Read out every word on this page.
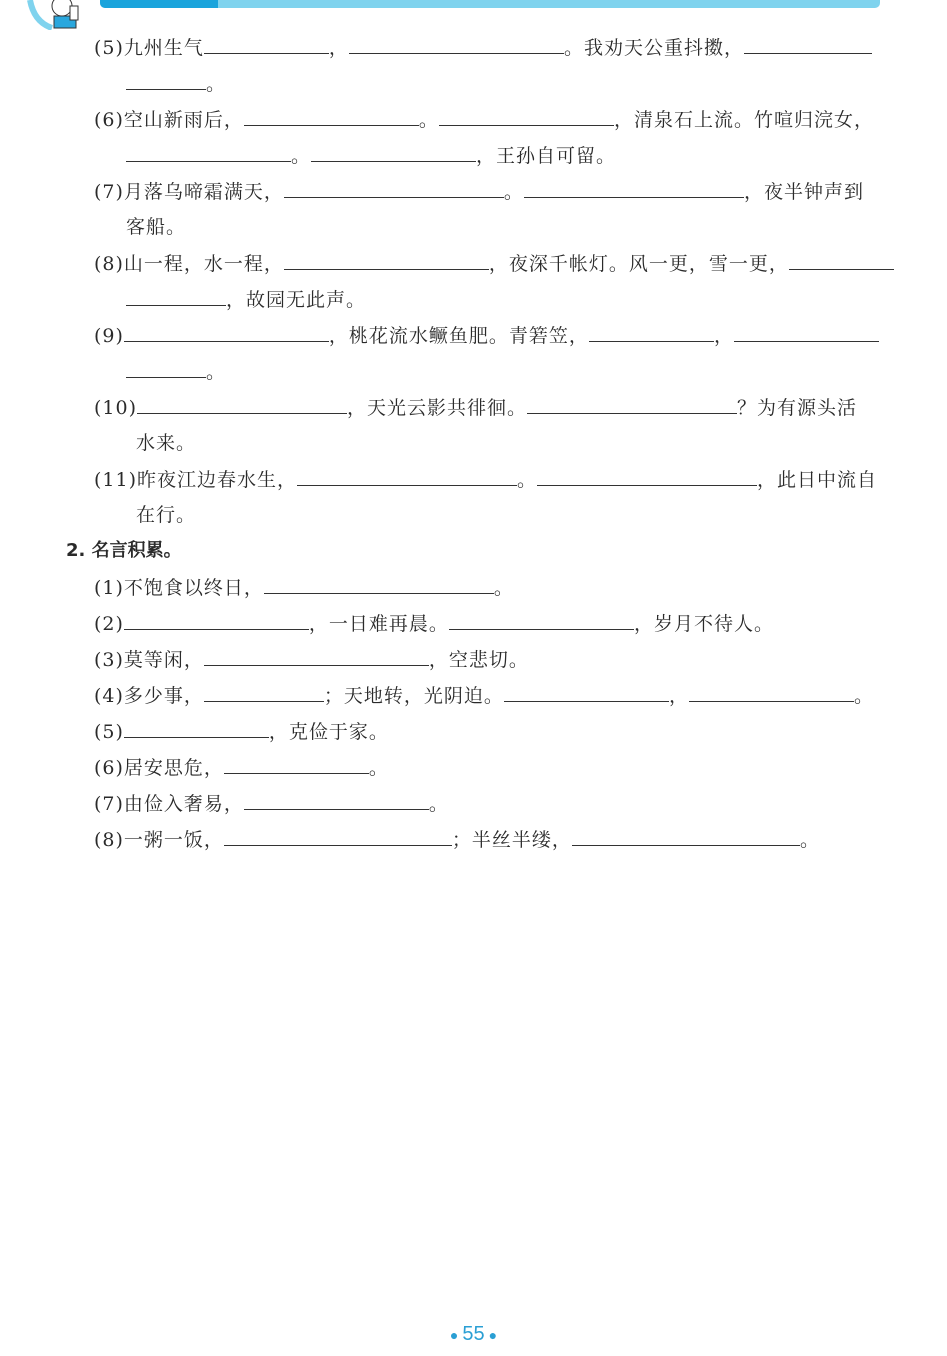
(5)九州生气	，	。我劝天公重抖擞，
。
(6)空山新雨后，	。	，清泉石上流。竹喧归浣女，
。	，王孙自可留。
(7)月落乌啼霜满天，	。	，夜半钟声到
客船。
(8)山一程，水一程，	，夜深千帐灯。风一更，雪一更，
，故园无此声。
(9)	，桃花流水鳜鱼肥。青箬笠，	，
。
(10)	，天光云影共徘徊。	？为有源头活
水来。
(11)昨夜江边春水生，	。	，此日中流自
在行。
2. 名言积累。
(1)不饱食以终日，	。
(2)	，一日难再晨。	，岁月不待人。
(3)莫等闲，	，空悲切。
(4)多少事，	；天地转，光阴迫。	，	。
(5)	，克俭于家。
(6)居安思危，	。
(7)由俭入奢易，	。
(8)一粥一饭，	；半丝半缕，	。
● 55 ●
